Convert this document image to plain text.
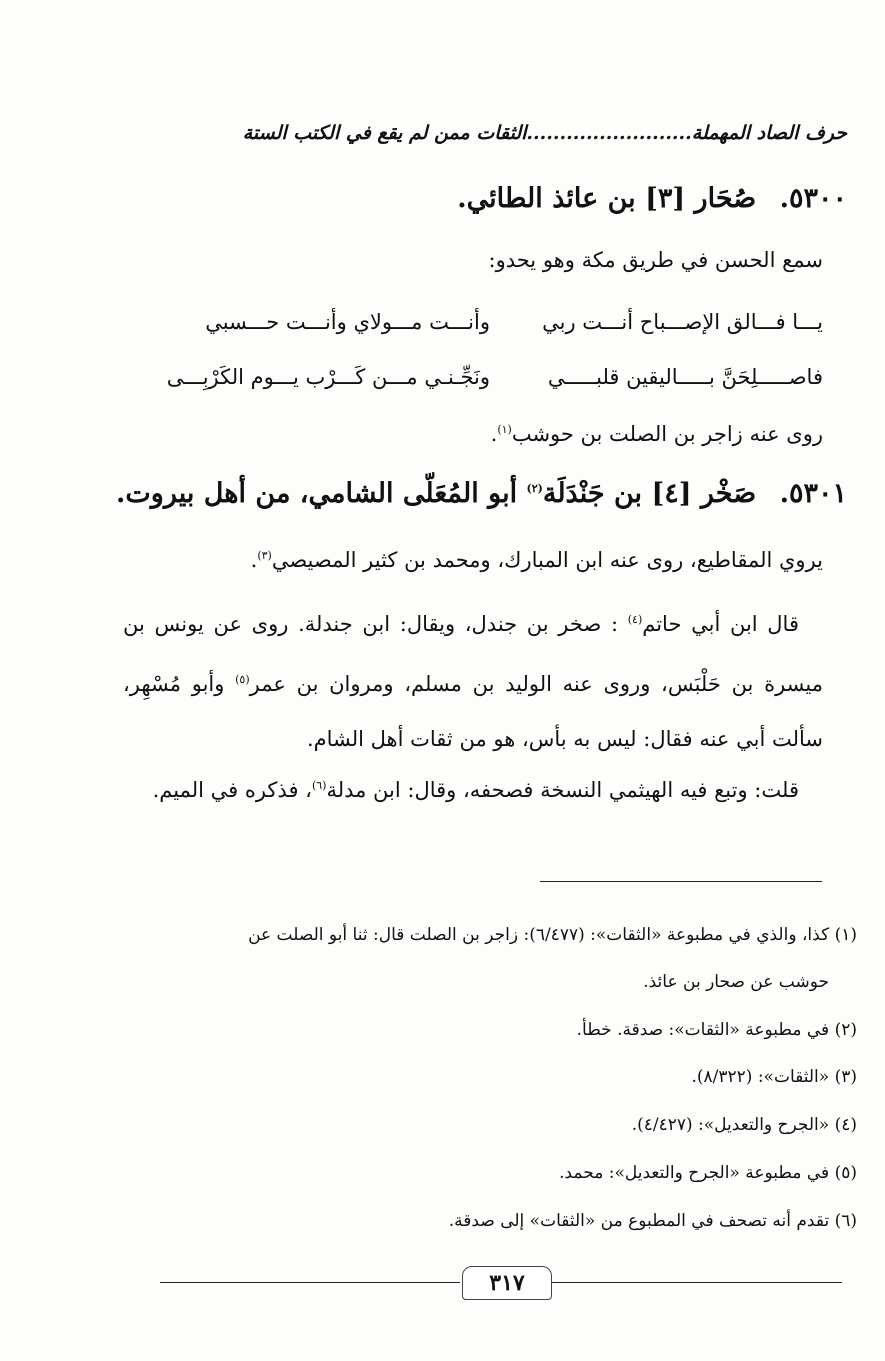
حرف الصاد المهملة.........................الثقات ممن لم يقع في الكتب الستة
٥٣٠٠. صُحَار [٣] بن عائذ الطائي.
سمع الحسن في طريق مكة وهو يحدو:
يـــا فـــالق الإصـــباح أنـــت ربي
وأنـــت مـــولاي وأنـــت حـــسبي
فاصـــــلِحَنَّ بـــــاليقين قلبـــــي
ونَجِّـنـي مـــن كَـــرْب يـــوم الكَرْبِـــى
روى عنه زاجر بن الصلت بن حوشب$^{(١)}$.
٥٣٠١. صَخْر [٤] بن جَنْدَلَة$^{(٢)}$ أبو المُعَلّى الشامي، من أهل بيروت.
يروي المقاطيع، روى عنه ابن المبارك، ومحمد بن كثير المصيصي$^{(٣)}$.
قال ابن أبي حاتم$^{(٤)}$ : صخر بن جندل، ويقال: ابن جندلة. روى عن يونس بن ميسرة بن حَلْبَس، وروى عنه الوليد بن مسلم، ومروان بن عمر$^{(٥)}$ وأبو مُسْهِر، سألت أبي عنه فقال: ليس به بأس، هو من ثقات أهل الشام.
قلت: وتبع فيه الهيثمي النسخة فصحفه، وقال: ابن مدلة$^{(٦)}$، فذكره في الميم.
(١) كذا، والذي في مطبوعة «الثقات»: (٦/٤٧٧): زاجر بن الصلت قال: ثنا أبو الصلت عن
حوشب عن صحار بن عائذ.
(٢) في مطبوعة «الثقات»: صدقة. خطأ.
(٣) «الثقات»: (٨/٣٢٢).
(٤) «الجرح والتعديل»: (٤/٤٢٧).
(٥) في مطبوعة «الجرح والتعديل»: محمد.
(٦) تقدم أنه تصحف في المطبوع من «الثقات» إلى صدقة.
٣١٧
